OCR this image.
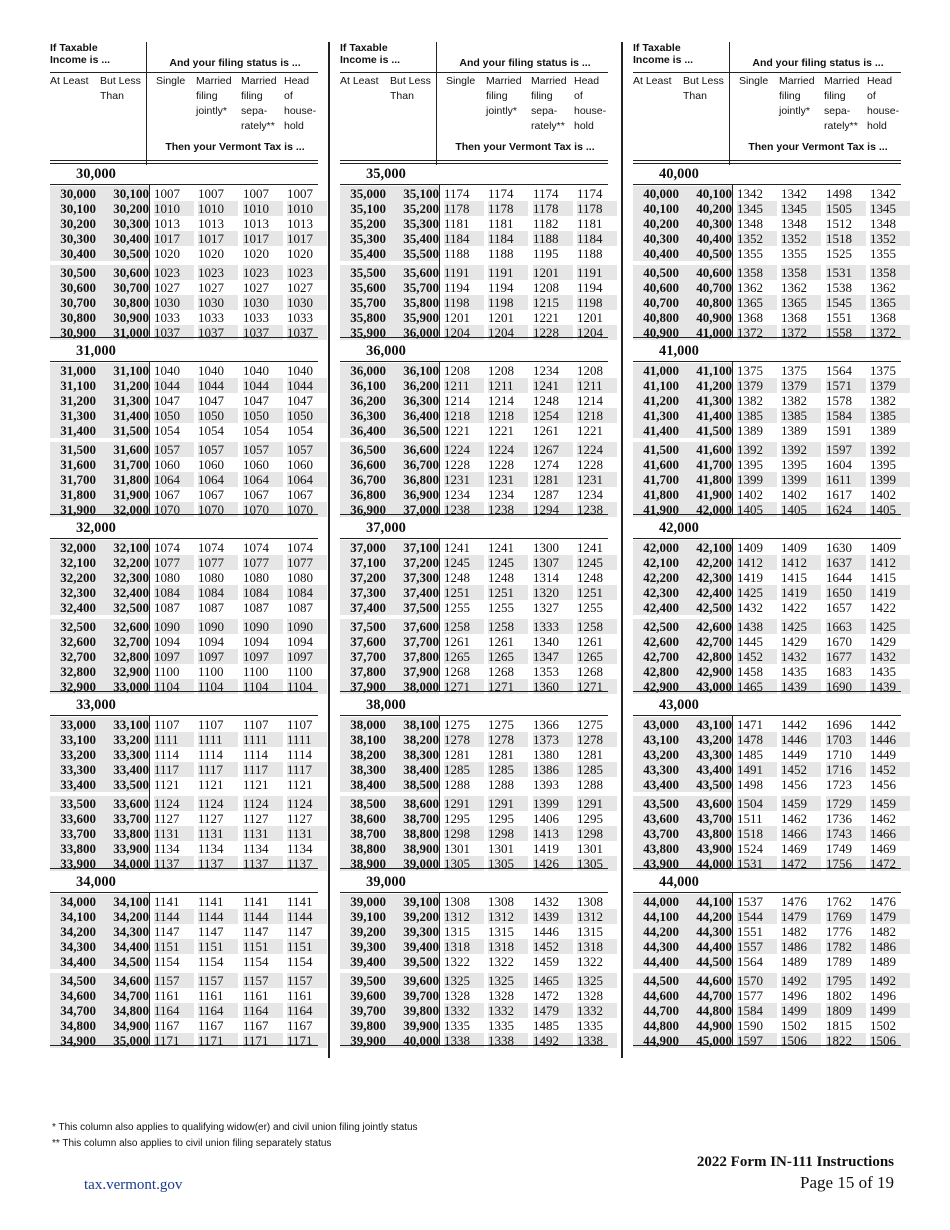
If Taxable
Income is ...	And your filing status is ...
At Least But Less
Than
Single Married
filing
jointly*
Married
filing
sepa-
rately**
Head of
house-
hold
Then your Vermont Tax is ...
30,000
30,000	30,100 1007	1007	1007	1007
30,100	30,200 1010	1010	1010	1010
30,200	30,300 1013	1013	1013	1013
30,300	30,400 1017	1017	1017	1017
30,400	30,500 1020	1020	1020	1020
30,500	30,600 1023	1023	1023	1023
30,600	30,700 1027	1027	1027	1027
30,700	30,800 1030	1030	1030	1030
30,800	30,900 1033	1033	1033	1033
30,900	31,000 1037	1037	1037	1037
31,000
31,000	31,100 1040	1040	1040	1040
31,100	31,200 1044	1044	1044	1044
31,200	31,300 1047	1047	1047	1047
31,300	31,400 1050	1050	1050	1050
31,400	31,500 1054	1054	1054	1054
31,500	31,600 1057	1057	1057	1057
31,600	31,700 1060	1060	1060	1060
31,700	31,800 1064	1064	1064	1064
31,800	31,900 1067	1067	1067	1067
31,900	32,000 1070	1070	1070	1070
32,000
32,000	32,100 1074	1074	1074	1074
32,100	32,200 1077	1077	1077	1077
32,200	32,300 1080	1080	1080	1080
32,300	32,400 1084	1084	1084	1084
32,400	32,500 1087	1087	1087	1087
32,500	32,600 1090	1090	1090	1090
32,600	32,700 1094	1094	1094	1094
32,700	32,800 1097	1097	1097	1097
32,800	32,900 1100	1100	1100	1100
32,900	33,000 1104	1104	1104	1104
33,000
33,000	33,100 1107	1107	1107	1107
33,100	33,200 1111	1111	1111	1111
33,200	33,300 1114	1114	1114	1114
33,300	33,400 1117	1117	1117	1117
33,400	33,500 1121	1121	1121	1121
33,500	33,600 1124	1124	1124	1124
33,600	33,700 1127	1127	1127	1127
33,700	33,800 1131	1131	1131	1131
33,800	33,900 1134	1134	1134	1134
33,900	34,000 1137	1137	1137	1137
34,000
34,000	34,100 1141	1141	1141	1141
34,100	34,200 1144	1144	1144	1144
34,200	34,300 1147	1147	1147	1147
34,300	34,400 1151	1151	1151	1151
34,400	34,500 1154	1154	1154	1154
34,500	34,600 1157	1157	1157	1157
34,600	34,700 1161	1161	1161	1161
34,700	34,800 1164	1164	1164	1164
34,800	34,900 1167	1167	1167	1167
34,900	35,000 1171	1171	1171	1171
If Taxable
Income is ...	And your filing status is ...
At Least But Less
Than
Single Married
filing
jointly*
Married
filing
sepa-
rately**
Head of
house-
hold
Then your Vermont Tax is ...
35,000
35,000	35,100 1174	1174	1174	1174
35,100	35,200 1178	1178	1178	1178
35,200	35,300 1181	1181	1182	1181
35,300	35,400 1184	1184	1188	1184
35,400	35,500 1188	1188	1195	1188
35,500	35,600 1191	1191	1201	1191
35,600	35,700 1194	1194	1208	1194
35,700	35,800 1198	1198	1215	1198
35,800	35,900 1201	1201	1221	1201
35,900	36,000 1204	1204	1228	1204
36,000
36,000	36,100 1208	1208	1234	1208
36,100	36,200 1211	1211	1241	1211
36,200	36,300 1214	1214	1248	1214
36,300	36,400 1218	1218	1254	1218
36,400	36,500 1221	1221	1261	1221
36,500	36,600 1224	1224	1267	1224
36,600	36,700 1228	1228	1274	1228
36,700	36,800 1231	1231	1281	1231
36,800	36,900 1234	1234	1287	1234
36,900	37,000 1238	1238	1294	1238
37,000
37,000	37,100 1241	1241	1300	1241
37,100	37,200 1245	1245	1307	1245
37,200	37,300 1248	1248	1314	1248
37,300	37,400 1251	1251	1320	1251
37,400	37,500 1255	1255	1327	1255
37,500	37,600 1258	1258	1333	1258
37,600	37,700 1261	1261	1340	1261
37,700	37,800 1265	1265	1347	1265
37,800	37,900 1268	1268	1353	1268
37,900	38,000 1271	1271	1360	1271
38,000
38,000	38,100 1275	1275	1366	1275
38,100	38,200 1278	1278	1373	1278
38,200	38,300 1281	1281	1380	1281
38,300	38,400 1285	1285	1386	1285
38,400	38,500 1288	1288	1393	1288
38,500	38,600 1291	1291	1399	1291
38,600	38,700 1295	1295	1406	1295
38,700	38,800 1298	1298	1413	1298
38,800	38,900 1301	1301	1419	1301
38,900	39,000 1305	1305	1426	1305
39,000
39,000	39,100 1308	1308	1432	1308
39,100	39,200 1312	1312	1439	1312
39,200	39,300 1315	1315	1446	1315
39,300	39,400 1318	1318	1452	1318
39,400	39,500 1322	1322	1459	1322
39,500	39,600 1325	1325	1465	1325
39,600	39,700 1328	1328	1472	1328
39,700	39,800 1332	1332	1479	1332
39,800	39,900 1335	1335	1485	1335
39,900	40,000 1338	1338	1492	1338
If Taxable
Income is ...	And your filing status is ...
At Least But Less
Than
Single Married
filing
jointly*
Married
filing
sepa-
rately**
Head of
house-
hold
Then your Vermont Tax is ...
40,000
40,000	40,100 1342	1342	1498	1342
40,100	40,200 1345	1345	1505	1345
40,200	40,300 1348	1348	1512	1348
40,300	40,400 1352	1352	1518	1352
40,400	40,500 1355	1355	1525	1355
40,500	40,600 1358	1358	1531	1358
40,600	40,700 1362	1362	1538	1362
40,700	40,800 1365	1365	1545	1365
40,800	40,900 1368	1368	1551	1368
40,900	41,000 1372	1372	1558	1372
41,000
41,000	41,100 1375	1375	1564	1375
41,100	41,200 1379	1379	1571	1379
41,200	41,300 1382	1382	1578	1382
41,300	41,400 1385	1385	1584	1385
41,400	41,500 1389	1389	1591	1389
41,500	41,600 1392	1392	1597	1392
41,600	41,700 1395	1395	1604	1395
41,700	41,800 1399	1399	1611	1399
41,800	41,900 1402	1402	1617	1402
41,900	42,000 1405	1405	1624	1405
42,000
42,000	42,100 1409	1409	1630	1409
42,100	42,200 1412	1412	1637	1412
42,200	42,300 1419	1415	1644	1415
42,300	42,400 1425	1419	1650	1419
42,400	42,500 1432	1422	1657	1422
42,500	42,600 1438	1425	1663	1425
42,600	42,700 1445	1429	1670	1429
42,700	42,800 1452	1432	1677	1432
42,800	42,900 1458	1435	1683	1435
42,900	43,000 1465	1439	1690	1439
43,000
43,000	43,100 1471	1442	1696	1442
43,100	43,200 1478	1446	1703	1446
43,200	43,300 1485	1449	1710	1449
43,300	43,400 1491	1452	1716	1452
43,400	43,500 1498	1456	1723	1456
43,500	43,600 1504	1459	1729	1459
43,600	43,700 1511	1462	1736	1462
43,700	43,800 1518	1466	1743	1466
43,800	43,900 1524	1469	1749	1469
43,900	44,000 1531	1472	1756	1472
44,000
44,000	44,100 1537	1476	1762	1476
44,100	44,200 1544	1479	1769	1479
44,200	44,300 1551	1482	1776	1482
44,300	44,400 1557	1486	1782	1486
44,400	44,500 1564	1489	1789	1489
44,500	44,600 1570	1492	1795	1492
44,600	44,700 1577	1496	1802	1496
44,700	44,800 1584	1499	1809	1499
44,800	44,900 1590	1502	1815	1502
44,900	45,000 1597	1506	1822	1506
* This column also applies to qualifying widow(er) and civil union filing jointly status
** This column also applies to civil union filing separately status
tax.vermont.gov
2022 Form IN-111 Instructions
Page 15 of 19
